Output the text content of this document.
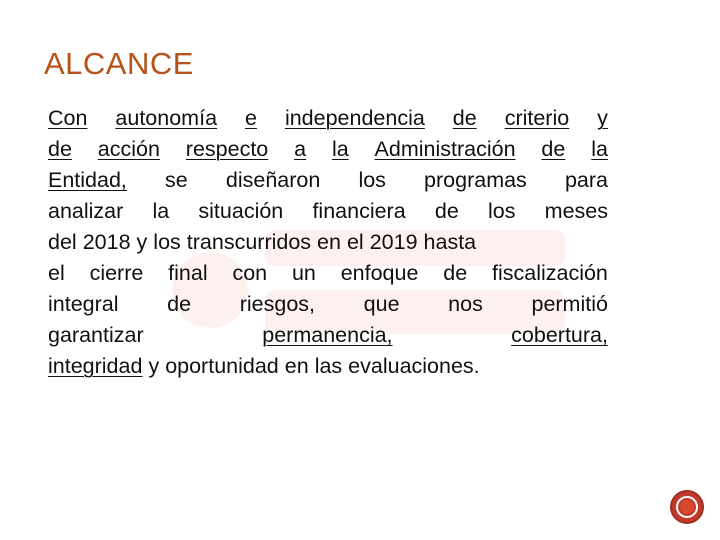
ALCANCE
Con autonomía e independencia de criterio y
de acción respecto a la Administración de la
Entidad, se diseñaron los programas para
analizar la situación financiera de los meses
del 2018 y los transcurridos en el 2019 hasta
el cierre final con un enfoque de fiscalización
integral de riesgos, que nos permitió
garantizar	permanencia,	cobertura,
integridad y oportunidad en las evaluaciones.
